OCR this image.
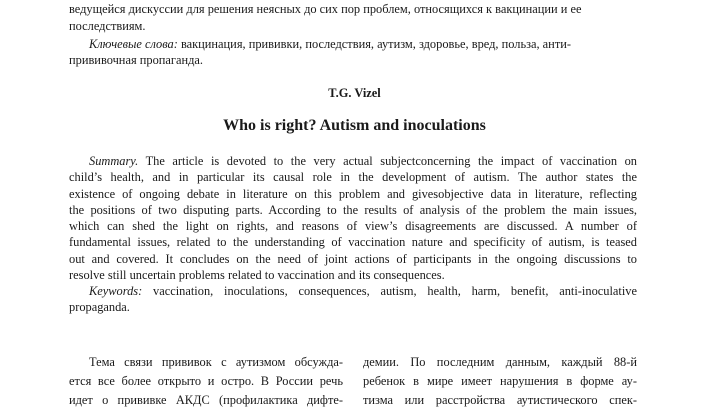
ведущейся дискуссии для решения неясных до сих пор проблем, относящихся к вакцинации и ее
последствиям.
Ключевые слова: вакцинация, прививки, последствия, аутизм, здоровье, вред, польза, анти-
прививочная пропаганда.
T.G. Vizel
Who is right? Autism and inoculations
Summary. The article is devoted to the very actual subjectconcerning the impact of vaccination on
child’s health, and in particular its causal role in the development of autism. The author states the
existence of ongoing debate in literature on this problem and givesobjective data in literature, reflecting
the positions of two disputing parts. According to the results of analysis of the problem the main issues,
which can shed the light on rights, and reasons of view’s disagreements are discussed. A number of
fundamental issues, related to the understanding of vaccination nature and specificity of autism, is teased
out and covered. It concludes on the need of joint actions of participants in the ongoing discussions to
resolve still uncertain problems related to vaccination and its consequences.
Keywords: vaccination, inoculations, consequences, autism, health, harm, benefit, anti-inoculative
propaganda.
Тема связи прививок с аутизмом обсужда-
ется все более открыто и остро. В России речь
идет о прививке АКДС (профилактика дифте-
демии. По последним данным, каждый 88-й
ребенок в мире имеет нарушения в форме ау-
тизма или расстройства аутистического спек-
